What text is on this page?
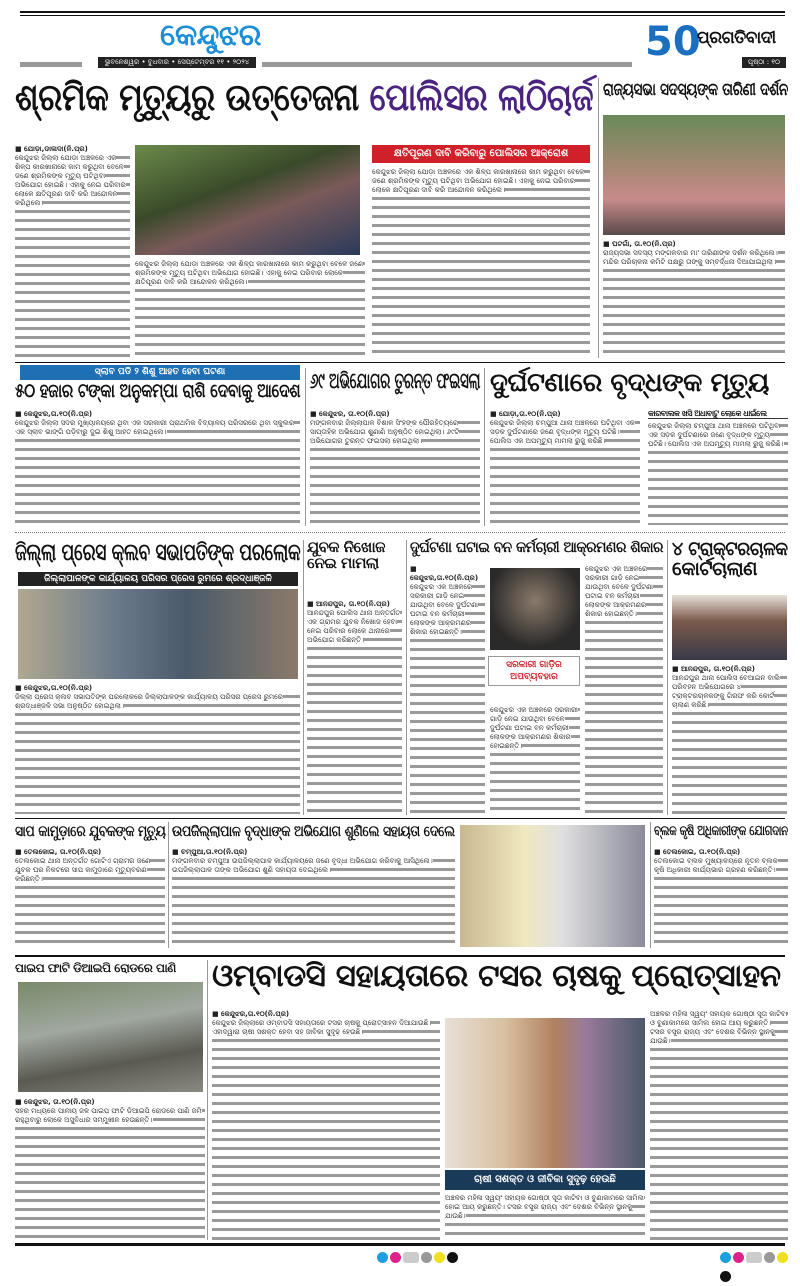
କେନ୍ଦୁଝର
ଭୁବନେଶ୍ୱର • ବୁଧବାର • ସେପ୍ଟେମ୍ବର ୧୧ • ୨୦୨୪	50
ପ୍ରଗତିବାଦୀ
ପୃଷ୍ଠା : ୧୦
ଶ୍ରମିକ ମୃତ୍ୟୁରୁ ଉତ୍ତେଜନା ପୋଲିସର ଲାଠିଚାର୍ଜ
■ ଯୋଡ଼ା,ଡାଳାଦା(ନି.ପ୍ର)
କେନ୍ଦୁଝର ଜିଲ୍ଲା ଯୋଡ଼ା ଅଞ୍ଚଳରେ ଏକ ଶିଳ୍ପ କାରଖାନାରେ କାମ କରୁଥିବା ବେଳେ ଜଣେ ଶ୍ରମିକଙ୍କ ମୃତ୍ୟୁ ଘଟିଥିବା ଅଭିଯୋଗ ହୋଇଛି। ଏହାକୁ ନେଇ ପରିବାର ଲୋକେ କ୍ଷତିପୂରଣ ଦାବି କରି ଆନ୍ଦୋଳନ କରିଥିଲେ।
କ୍ଷତିପୂରଣ ଦାବି କରିବାରୁ ପୋଲିସର ଆକ୍ରୋଶ
କେନ୍ଦୁଝର ଜିଲ୍ଲା ଯୋଡ଼ା ଅଞ୍ଚଳରେ ଏକ ଶିଳ୍ପ କାରଖାନାରେ କାମ କରୁଥିବା ବେଳେ ଜଣେ ଶ୍ରମିକଙ୍କ ମୃତ୍ୟୁ ଘଟିଥିବା ଅଭିଯୋଗ ହୋଇଛି। ଏହାକୁ ନେଇ ପରିବାର ଲୋକେ କ୍ଷତିପୂରଣ ଦାବି କରି ଆନ୍ଦୋଳନ କରିଥିଲେ।
କେନ୍ଦୁଝର ଜିଲ୍ଲା ଯୋଡ଼ା ଅଞ୍ଚଳରେ ଏକ ଶିଳ୍ପ କାରଖାନାରେ କାମ କରୁଥିବା ବେଳେ ଜଣେ ଶ୍ରମିକଙ୍କ ମୃତ୍ୟୁ ଘଟିଥିବା ଅଭିଯୋଗ ହୋଇଛି। ଏହାକୁ ନେଇ ପରିବାର ଲୋକେ କ୍ଷତିପୂରଣ ଦାବି କରି ଆନ୍ଦୋଳନ କରିଥିଲେ।
ରାଜ୍ୟସଭା ସଦସ୍ୟଙ୍କ ତାରିଣୀ ଦର୍ଶନ
■ ଘଟଗାଁ, ତା.୧୦(ନି.ପ୍ର)
ରାଜ୍ୟସଭା ସଦସ୍ୟ ମଙ୍ଗଳବାର ମା' ତାରିଣୀଙ୍କ ଦର୍ଶନ କରିଥିଲେ। ମନ୍ଦିର ପରିଚାଳନା କମିଟି ପକ୍ଷରୁ ତାଙ୍କୁ ସମ୍ବର୍ଦ୍ଧନା ଦିଆଯାଇଥିଲା।
ସ୍ଲାବ ପଡି ୨ ଶିଶୁ ଆହତ ହେବା ଘଟଣା
୫୦ ହଜାର ଟଙ୍କା ଅନୁକମ୍ପା ରାଶି ଦେବାକୁ ଆଦେଶ
■ କେନ୍ଦୁଝର,ତା.୧୦(ନି.ପ୍ର)
କେନ୍ଦୁଝର ଜିଲ୍ଲା ସଦର ମୁଖ୍ୟାଳୟରେ ଥିବା ଏକ ସରକାରୀ ପ୍ରାଥମିକ ବିଦ୍ୟାଳୟ ପରିସରରେ ଥିବା ସ୍କୁଲର ଏକ ସ୍ଲାବ ଭାଙ୍ଗି ପଡ଼ିବାରୁ ଦୁଇ ଶିଶୁ ଆହତ ହୋଇଥିଲେ।
୬୯ ଅଭିଯୋଗର ତୁରନ୍ତ ଫଇସଲା
■ କେନ୍ଦୁଝର, ତା.୧୦(ନି.ପ୍ର)
ମଙ୍ଗଳବାର ଜିଲ୍ଲାପାଳ ବିଶାଳ ସିଂହଙ୍କ ପୌରହିତ୍ୟରେ ସାପ୍ତାହିକ ଅଭିଯୋଗ ଶୁଣାଣି ଅନୁଷ୍ଠିତ ହୋଇଥିଲା। ୬୯ଟି ଅଭିଯୋଗର ତୁରନ୍ତ ଫଇସଲା ହୋଇଥିଲା।
ଦୁର୍ଘଟଣାରେ ବୃଦ୍ଧଙ୍କ ମୃତ୍ୟୁ
■ ଯୋଡ଼ା,ତା.୧୦(ନି.ପ୍ର)
କେନ୍ଦୁଝର ଜିଲ୍ଲା ଚମ୍ପୁଆ ଥାନା ଅଞ୍ଚଳରେ ଘଟିଥିବା ଏକ ସଡ଼କ ଦୁର୍ଘଟଣାରେ ଜଣେ ବୃଦ୍ଧଙ୍କ ମୃତ୍ୟୁ ଘଟିଛି। ପୋଲିସ ଏକ ଅପମୃତ୍ୟୁ ମାମଲା ରୁଜୁ କରିଛି।
କାରବାଲକ ଖସି ଅଧାବାଟୁ ଲୋକେ ଧାଇଁଲେ
କେନ୍ଦୁଝର ଜିଲ୍ଲା ଚମ୍ପୁଆ ଥାନା ଅଞ୍ଚଳରେ ଘଟିଥିବା ଏକ ସଡ଼କ ଦୁର୍ଘଟଣାରେ ଜଣେ ବୃଦ୍ଧଙ୍କ ମୃତ୍ୟୁ ଘଟିଛି। ପୋଲିସ ଏକ ଅପମୃତ୍ୟୁ ମାମଲା ରୁଜୁ କରିଛି।
ଜିଲ୍ଲା ପ୍ରେସ କ୍ଲବ ସଭାପତିଙ୍କ ପରଲୋକ
ଜିଲ୍ଲାପାଳଙ୍କ କାର୍ଯ୍ୟାଳୟ ପରିସର ପ୍ରେସ ରୁମରେ ଶ୍ରଦ୍ଧାଞ୍ଜଳି
■ କେନ୍ଦୁଝର,ତା.୧୦(ନି.ପ୍ର)
ଜିଲ୍ଲା ପ୍ରେସ କ୍ଲବ ସଭାପତିଙ୍କ ପରଲୋକରେ ଜିଲ୍ଲାପାଳଙ୍କ କାର୍ଯ୍ୟାଳୟ ପରିସର ପ୍ରେସ ରୁମରେ ଶ୍ରଦ୍ଧାଞ୍ଜଳି ସଭା ଅନୁଷ୍ଠିତ ହୋଇଥିଲା।
ଯୁବକ ନିଖୋଜ ନେଇ ମାମଲା
■ ଆନନ୍ଦପୁର, ତା.୧୦(ନି.ପ୍ର)
ଆନନ୍ଦପୁର ପୋଲିସ ଥାନା ଅନ୍ତର୍ଗତ ଏକ ଗ୍ରାମର ଯୁବକ ନିଖୋଜ ହେବା ନେଇ ପରିବାର ଲୋକେ ଥାନାରେ ଅଭିଯୋଗ କରିଛନ୍ତି।
ଦୁର୍ଘଟଣା ଘଟାଇ ବନ କର୍ମଚାରୀ ଆକ୍ରମଣର ଶିକାର
■ କେନ୍ଦୁଝର,ତା.୧୦(ନି.ପ୍ର)
କେନ୍ଦୁଝର ଏକ ଅଞ୍ଚଳରେ ସରକାରୀ ଗାଡ଼ି ନେଇ ଯାଉଥିବା ବେଳେ ଦୁର୍ଘଟଣା ଘଟାଇ ବନ କର୍ମଚାରୀ ଲୋକଙ୍କ ଆକ୍ରମଣର ଶିକାର ହୋଇଛନ୍ତି।
ସରକାରୀ ଗାଡ଼ିର ଅପବ୍ୟବହାର
କେନ୍ଦୁଝର ଏକ ଅଞ୍ଚଳରେ ସରକାରୀ ଗାଡ଼ି ନେଇ ଯାଉଥିବା ବେଳେ ଦୁର୍ଘଟଣା ଘଟାଇ ବନ କର୍ମଚାରୀ ଲୋକଙ୍କ ଆକ୍ରମଣର ଶିକାର ହୋଇଛନ୍ତି।
କେନ୍ଦୁଝର ଏକ ଅଞ୍ଚଳରେ ସରକାରୀ ଗାଡ଼ି ନେଇ ଯାଉଥିବା ବେଳେ ଦୁର୍ଘଟଣା ଘଟାଇ ବନ କର୍ମଚାରୀ ଲୋକଙ୍କ ଆକ୍ରମଣର ଶିକାର ହୋଇଛନ୍ତି।
୪ ଟ୍ରାକ୍ଟରଚାଳକ
କୋର୍ଟଚାଲାଣ
■ ଆନନ୍ଦପୁର, ତା.୧୦(ନି.ପ୍ର)
ଆନନ୍ଦପୁର ଥାନା ପୋଲିସ ବେଆଇନ ବାଲି ପରିବହନ ଅଭିଯୋଗରେ ୪ ଟ୍ରାକ୍ଟରଚାଳକଙ୍କୁ ଗିରଫ କରି କୋର୍ଟ ଚାଲାଣ କରିଛି।
ସାପ କାମୁଡ଼ାରେ ଯୁବକଙ୍କ ମୃତ୍ୟୁ
■ ତେଲକୋଇ, ତା.୧୦(ନି.ପ୍ର)
ତେଲକୋଇ ଥାନା ଅନ୍ତର୍ଗତ ଗୋଟିଏ ଗ୍ରାମର ଜଣେ ଯୁବକ ଘର ନିକଟରେ ସାପ କାମୁଡ଼ାରେ ମୃତ୍ୟୁବରଣ କରିଛନ୍ତି।
ଉପଜିଲ୍ଲାପାଳ ବୃଦ୍ଧାଙ୍କ ଅଭିଯୋଗ ଶୁଣିଲେ ସହାୟତା ଦେଲେ
■ ଚମ୍ପୁଆ,ତା.୧୦(ନି.ପ୍ର)
ମଙ୍ଗଳବାର ଚମ୍ପୁଆ ଉପଜିଲ୍ଲାପାଳ କାର୍ଯ୍ୟାଳୟରେ ଜଣେ ବୃଦ୍ଧା ଅଭିଯୋଗ କରିବାକୁ ଆସିଥିଲେ। ଉପଜିଲ୍ଲାପାଳ ତାଙ୍କ ଅଭିଯୋଗ ଶୁଣି ସହାୟତା ଦେଇଥିଲେ।
ବ୍ଲକ କୃଷି ଅଧିକାରୀଙ୍କ ଯୋଗଦାନ
■ ତେଲକୋଇ, ତା.୧୦(ନି.ପ୍ର)
ତେଲକୋଇ ବ୍ଲକ ମୁଖ୍ୟାଳୟରେ ନୂତନ ବ୍ଲକ କୃଷି ଅଧିକାରୀ କାର୍ଯ୍ୟଭାର ଗ୍ରହଣ କରିଛନ୍ତି।
ପାଇପ ଫାଟି ଡିଆଇପି ରୋଡରେ ପାଣି
■ କେନ୍ଦୁଝର, ତା.୧୦(ନି.ପ୍ର)
ସହର ମଧ୍ୟରେ ପାନୀୟ ଜଳ ପାଇପ ଫାଟି ଡିଆଇପି ରୋଡରେ ପାଣି ଜମି ରହୁଥିବାରୁ ଲୋକେ ଅସୁବିଧାର ସମ୍ମୁଖୀନ ହେଉଛନ୍ତି।
ଓମ୍ବାଡସି ସହାୟତାରେ ଟସର ଚାଷକୁ ପ୍ରୋତ୍ସାହନ
■ କେନ୍ଦୁଝର,ତା.୧୦(ନି.ପ୍ର)
କେନ୍ଦୁଝର ଜିଲ୍ଲାରେ ଓମ୍ବାଡସି ସହାୟତାରେ ଟସର ଚାଷକୁ ପ୍ରୋତ୍ସାହନ ଦିଆଯାଉଛି। ଏହାଦ୍ୱାରା ଚାଷୀ ସଶକ୍ତ ହେବା ସହ ଜୀବିକା ସୁଦୃଢ଼ ହେଉଛି।
ଚାଷୀ ସଶକ୍ତ ଓ ଜୀବିକା ସୁଦୃଢ଼ ହେଉଛି
ଅଞ୍ଚଳର ମହିଳା ସ୍ୱୟଂ ସହାୟକ ଗୋଷ୍ଠୀ ସୂତା କାଟିବା ଓ ବୁଣାକାମରେ ସାମିଲ ହୋଇ ଆୟ କରୁଛନ୍ତି। ଟସର ବସ୍ତ୍ର ରାଜ୍ୟ ଏବଂ ଦେଶର ବିଭିନ୍ନ ସ୍ଥାନକୁ ଯାଉଛି।
ଅଞ୍ଚଳର ମହିଳା ସ୍ୱୟଂ ସହାୟକ ଗୋଷ୍ଠୀ ସୂତା କାଟିବା ଓ ବୁଣାକାମରେ ସାମିଲ ହୋଇ ଆୟ କରୁଛନ୍ତି। ଟସର ବସ୍ତ୍ର ରାଜ୍ୟ ଏବଂ ଦେଶର ବିଭିନ୍ନ ସ୍ଥାନକୁ ଯାଉଛି।
